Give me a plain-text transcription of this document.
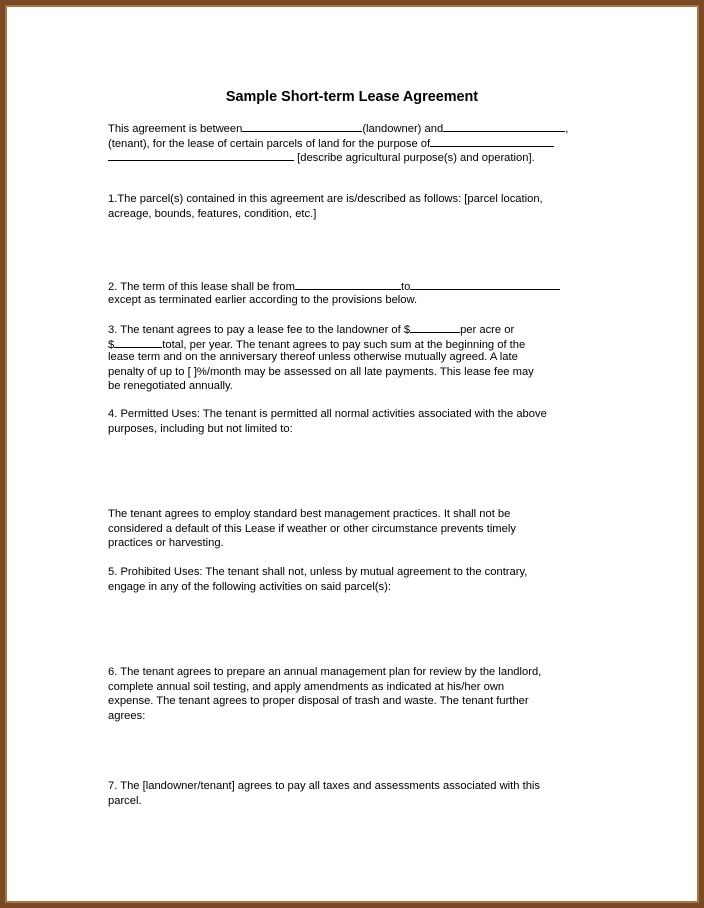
Sample Short-term Lease Agreement
This agreement is between	(landowner) and	,
(tenant), for the lease of certain parcels of land for the purpose of
[describe agricultural purpose(s) and operation].
1.The parcel(s) contained in this agreement are is/described as follows: [parcel location,
acreage, bounds, features, condition, etc.]
2. The term of this lease shall be from	to
except as terminated earlier according to the provisions below.
3. The tenant agrees to pay a lease fee to the landowner of $	per acre or
$	total, per year. The tenant agrees to pay such sum at the beginning of the
lease term and on the anniversary thereof unless otherwise mutually agreed. A late
penalty of up to [ ]%/month may be assessed on all late payments. This lease fee may
be renegotiated annually.
4. Permitted Uses: The tenant is permitted all normal activities associated with the above
purposes, including but not limited to:
The tenant agrees to employ standard best management practices. It shall not be
considered a default of this Lease if weather or other circumstance prevents timely
practices or harvesting.
5. Prohibited Uses: The tenant shall not, unless by mutual agreement to the contrary,
engage in any of the following activities on said parcel(s):
6. The tenant agrees to prepare an annual management plan for review by the landlord,
complete annual soil testing, and apply amendments as indicated at his/her own
expense. The tenant agrees to proper disposal of trash and waste. The tenant further
agrees:
7. The [landowner/tenant] agrees to pay all taxes and assessments associated with this
parcel.
